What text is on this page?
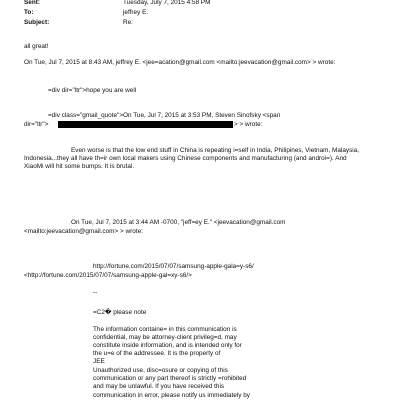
Sent:	Tuesday, July 7, 2015 4:58 PM
To:	jeffrey E.
Subject:	Re:
all great!
On Tue, Jul 7, 2015 at 8:43 AM, jeffrey E. <jee=acation@gmail.com <mailto:jeevacation@gmail.com> > wrote:
=div dir="ltr">hope you are well
=div class="gmail_quote">On Tue, Jul 7, 2015 at 3:53 PM, Steven Sinofsky <span
dir="ltr">	> > wrote:
Even worse is that the low end stuff in China is repeating i=self in India, Philipines, Vietnam, Malaysia,
Indonesia...they all have th=ir own local makers using Chinese components and manufacturing (and androi=). And
XiaoMi will hit some bumps. It is brutal.
On Tue, Jul 7, 2015 at 3:44 AM -0700, "jeff=ey E." <jeevacation@gmail.com
<mailto:jeevacation@gmail.com> > wrote:
http://fortune.com/2015/07/07/samsung-apple-gala=y-s6/
<http://fortune.com/2015/07/07/samsung-apple-gal=xy-s6/>
--
=C2� please note
The information containe= in this communication is
confidential, may be attorney-client privileg=d, may
constitute inside information, and is intended only for
the u=e of the addressee. It is the property of
JEE
Unauthorized use, disc=osure or copying of this
communication or any part thereof is strictly =rohibited
and may be unlawful. If you have received this
communication in error, please notify us immediately by
